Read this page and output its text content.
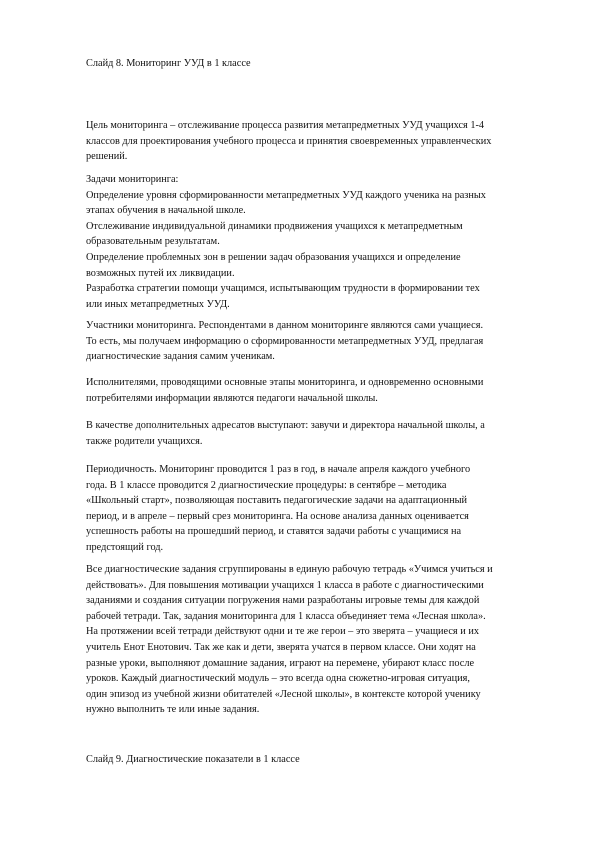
Слайд 8. Мониторинг УУД в 1 классе

Цель мониторинга – отслеживание процесса развития метапредметных УУД учащихся 1-4

классов для проектирования учебного процесса и принятия своевременных управленческих

решений.

Задачи мониторинга:

Определение уровня сформированности метапредметных УУД каждого ученика на разных

этапах обучения в начальной школе.

Отслеживание индивидуальной динамики продвижения учащихся к метапредметным

образовательным результатам.

Определение проблемных зон в решении задач образования учащихся и определение

возможных путей их ликвидации.

Разработка стратегии помощи учащимся, испытывающим трудности в формировании тех

или иных метапредметных УУД.

Участники мониторинга. Респондентами в данном мониторинге являются сами учащиеся.

То есть, мы получаем информацию о сформированности метапредметных УУД, предлагая

диагностические задания самим ученикам.

Исполнителями, проводящими основные этапы мониторинга, и одновременно основными

потребителями информации являются педагоги начальной школы.

В качестве дополнительных адресатов выступают: завучи и директора начальной школы, а

также родители учащихся.

Периодичность. Мониторинг проводится 1 раз в год, в начале апреля каждого учебного

года. В 1 классе проводится 2 диагностические процедуры: в сентябре – методика

«Школьный старт», позволяющая поставить педагогические задачи на адаптационный

период, и в апреле – первый срез мониторинга. На основе анализа данных оценивается

успешность работы на прошедший период, и ставятся задачи работы с учащимися на

предстоящий год.

Все диагностические задания сгруппированы в единую рабочую тетрадь «Учимся учиться и

действовать». Для повышения мотивации учащихся 1 класса в работе с диагностическими

заданиями и создания ситуации погружения нами разработаны игровые темы для каждой

рабочей тетради. Так, задания мониторинга для 1 класса объединяет тема «Лесная школа».

На протяжении всей тетради действуют одни и те же герои – это зверята – учащиеся и их

учитель Енот Енотович. Так же как и дети, зверята учатся в первом классе. Они ходят на

разные уроки, выполняют домашние задания, играют на перемене, убирают класс после

уроков. Каждый диагностический модуль – это всегда одна сюжетно-игровая ситуация,

один эпизод из учебной жизни обитателей «Лесной школы», в контексте которой ученику

нужно выполнить те или иные задания.

Слайд 9. Диагностические показатели в 1 классе
